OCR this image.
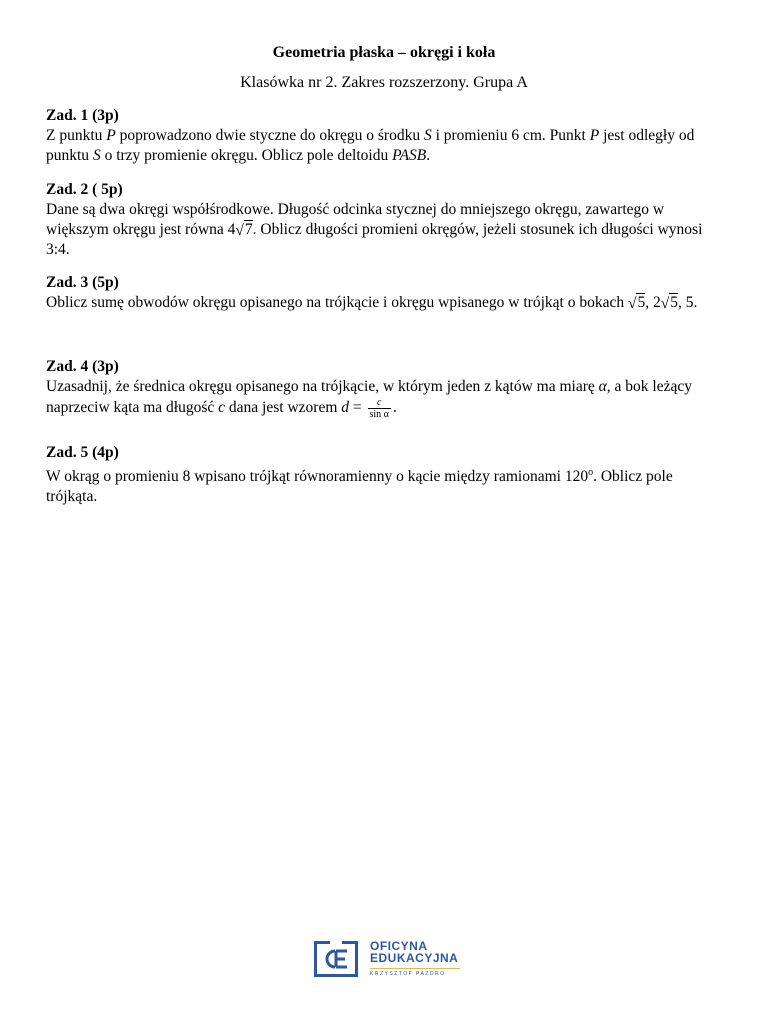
Geometria płaska – okręgi i koła
Klasówka nr 2. Zakres rozszerzony. Grupa A
Zad. 1 (3p)

Z punktu P poprowadzono dwie styczne do okręgu o środku S i promieniu 6 cm. Punkt P jest odległy od punktu S o trzy promienie okręgu. Oblicz pole deltoidu PASB.

Zad. 2 ( 5p)

Dane są dwa okręgi współśrodkowe. Długość odcinka stycznej do mniejszego okręgu, zawartego w większym okręgu jest równa 4√7. Oblicz długości promieni okręgów, jeżeli stosunek ich długości wynosi 3:4.

Zad. 3 (5p)

Oblicz sumę obwodów okręgu opisanego na trójkącie i okręgu wpisanego w trójkąt o bokach √5, 2√5, 5.

Zad. 4 (3p)

Uzasadnij, że średnica okręgu opisanego na trójkącie, w którym jeden z kątów ma miarę α, a bok leżący naprzeciw kąta ma długość c dana jest wzorem $d = \frac{c}{\text{sin α}}$ .

Zad. 5 (4p)

W okrąg o promieniu 8 wpisano trójkąt równoramienny o kącie między ramionami 120$^o$. Oblicz pole trójkąta.

OFICYNA
EDUKACYJNA
KRZYSZTOF PAZDRO
